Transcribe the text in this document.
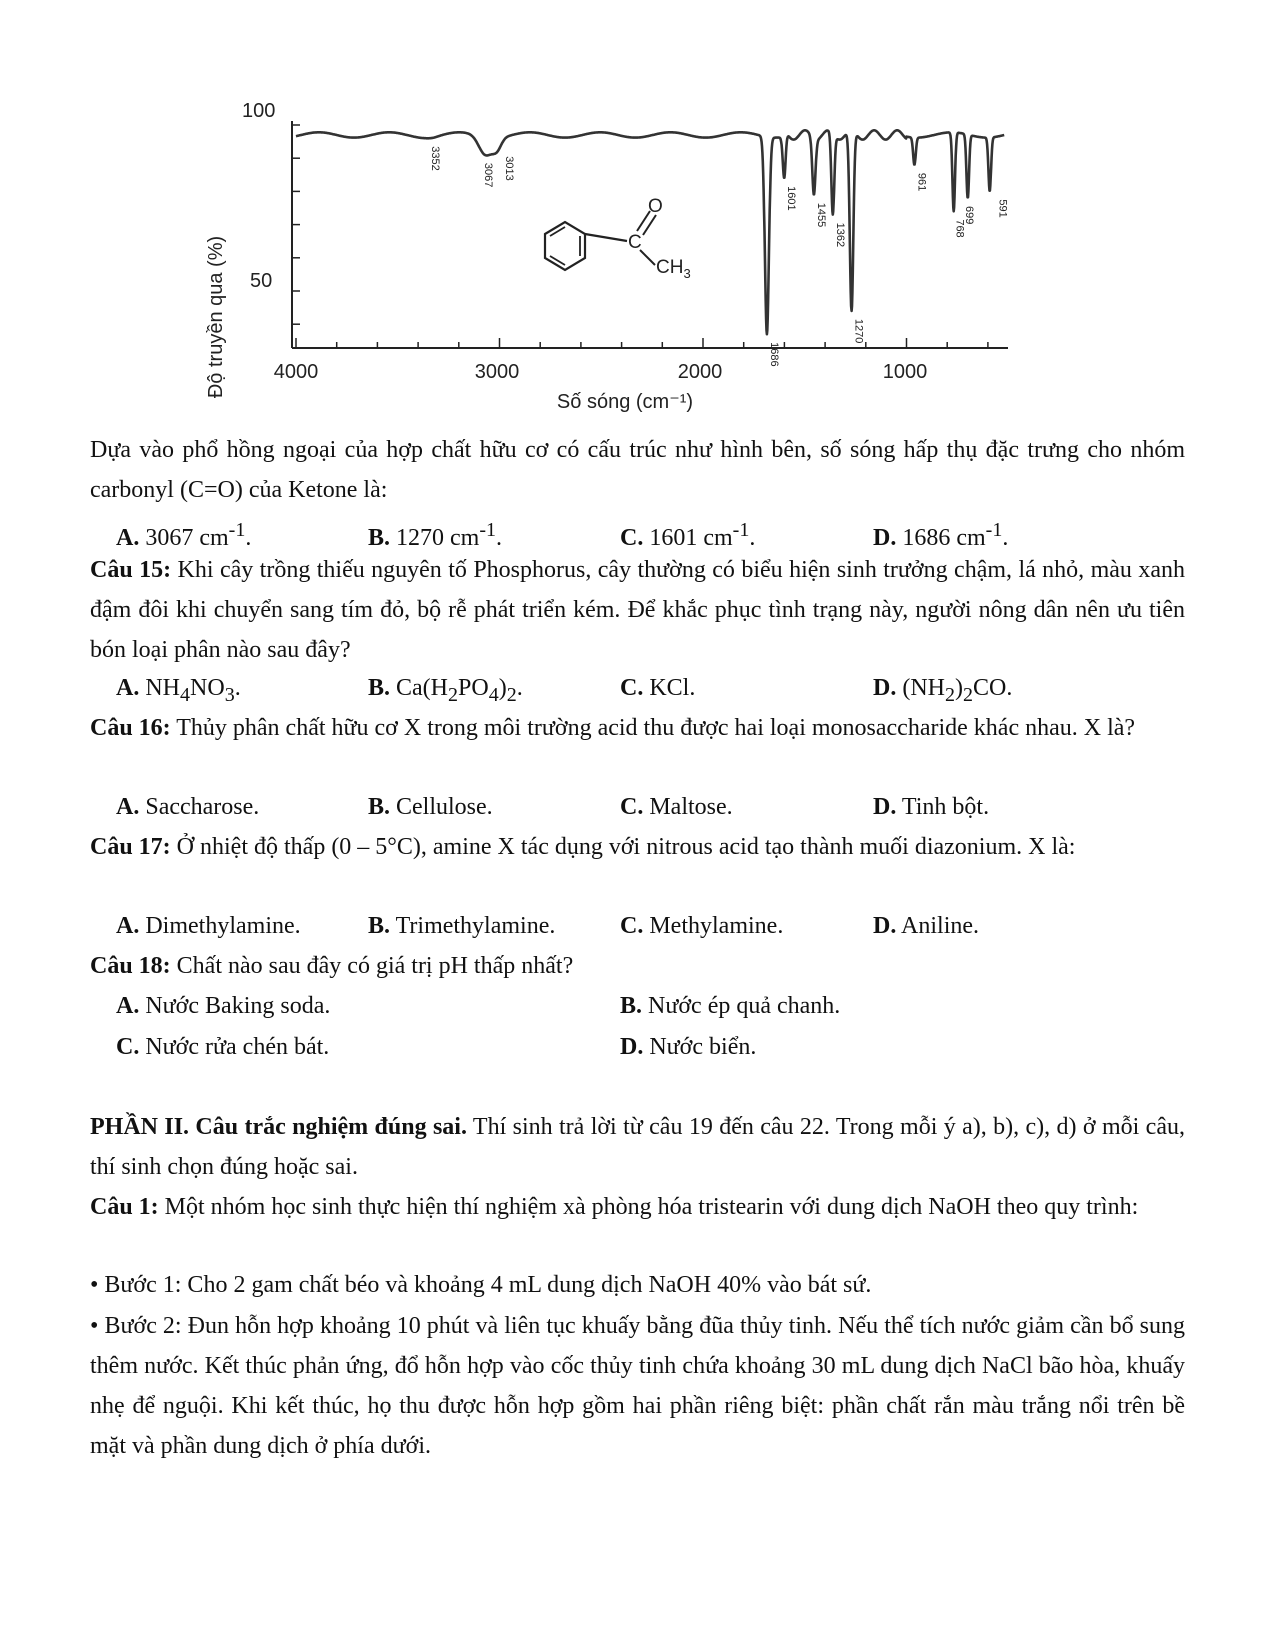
Độ truyền qua (%)
Số sóng (cm⁻¹)
100
50
4000	3000	2000	1000
3352
3067 3013
1686
1601
1455
1362
1270
961
768
699 591
O
C
$CH_3$
Dựa vào phổ hồng ngoại của hợp chất hữu cơ có cấu trúc như hình bên, số sóng hấp thụ đặc trưng cho nhóm carbonyl (C=O) của Ketone là:
A. 3067 $cm^{-1}$.	B. 1270 $cm^{-1}$.	C. 1601 $cm^{-1}$.	D. 1686 $cm^{-1}$.
Câu 15: Khi cây trồng thiếu nguyên tố Phosphorus, cây thường có biểu hiện sinh trưởng chậm, lá nhỏ, màu xanh đậm đôi khi chuyển sang tím đỏ, bộ rễ phát triển kém. Để khắc phục tình trạng này, người nông dân nên ưu tiên bón loại phân nào sau đây?
A. $NH_4NO_3$.	B. $Ca(H_2PO_4)_2$.	C. KCl.	D. $(NH_2)_2CO$.
Câu 16: Thủy phân chất hữu cơ X trong môi trường acid thu được hai loại monosaccharide khác nhau. X là?
A. Saccharose.	B. Cellulose.	C. Maltose.	D. Tinh bột.
Câu 17: Ở nhiệt độ thấp (0 – 5°C), amine X tác dụng với nitrous acid tạo thành muối diazonium. X là:
A. Dimethylamine.	B. Trimethylamine.	C. Methylamine.	D. Aniline.
Câu 18: Chất nào sau đây có giá trị pH thấp nhất?
A. Nước Baking soda.	B. Nước ép quả chanh.
C. Nước rửa chén bát.	D. Nước biển.
PHẦN II. Câu trắc nghiệm đúng sai. Thí sinh trả lời từ câu 19 đến câu 22. Trong mỗi ý a), b), c), d) ở mỗi câu, thí sinh chọn đúng hoặc sai.
Câu 1: Một nhóm học sinh thực hiện thí nghiệm xà phòng hóa tristearin với dung dịch NaOH theo quy trình:
• Bước 1: Cho 2 gam chất béo và khoảng 4 mL dung dịch NaOH 40% vào bát sứ.
• Bước 2: Đun hỗn hợp khoảng 10 phút và liên tục khuấy bằng đũa thủy tinh. Nếu thể tích nước giảm cần bổ sung thêm nước. Kết thúc phản ứng, đổ hỗn hợp vào cốc thủy tinh chứa khoảng 30 mL dung dịch NaCl bão hòa, khuấy nhẹ để nguội. Khi kết thúc, họ thu được hỗn hợp gồm hai phần riêng biệt: phần chất rắn màu trắng nổi trên bề mặt và phần dung dịch ở phía dưới.
